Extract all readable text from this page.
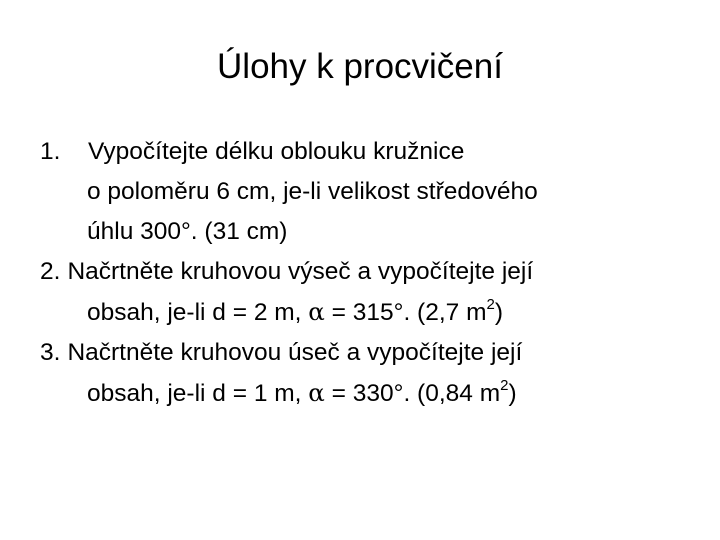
Úlohy k procvičení
1. Vypočítejte délku oblouku kružnice
o poloměru 6 cm, je-li velikost středového
úhlu 300°. (31 cm)
2. Načrtněte kruhovou výseč a vypočítejte její
obsah, je-li d = 2 m, α = 315°. (2,7 $m^2$)
3. Načrtněte kruhovou úseč a vypočítejte její
obsah, je-li d = 1 m, α = 330°. (0,84 $m^2$)
